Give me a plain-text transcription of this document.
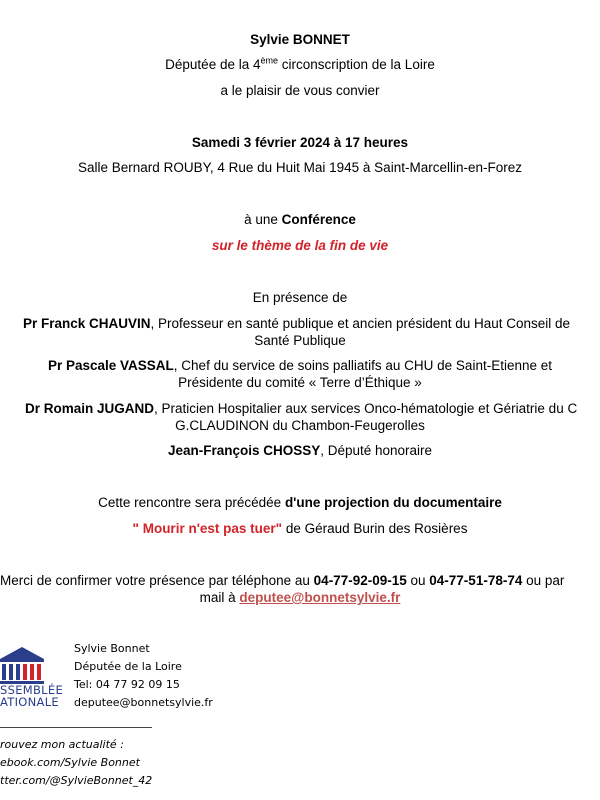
Sylvie BONNET
Députée de la 4ème circonscription de la Loire
a le plaisir de vous convier
Samedi 3 février 2024 à 17 heures
Salle Bernard ROUBY, 4 Rue du Huit Mai 1945 à Saint-Marcellin-en-Forez
à une Conférence
sur le thème de la fin de vie
En présence de
Pr Franck CHAUVIN, Professeur en santé publique et ancien président du Haut Conseil de
Santé Publique
Pr Pascale VASSAL, Chef du service de soins palliatifs au CHU de Saint-Etienne et
Présidente du comité « Terre d’Éthique »
Dr Romain JUGAND, Praticien Hospitalier aux services Onco-hématologie et Gériatrie du C
G.CLAUDINON du Chambon-Feugerolles
Jean-François CHOSSY, Député honoraire
Cette rencontre sera précédée d'une projection du documentaire
" Mourir n'est pas tuer" de Géraud Burin des Rosières
Merci de confirmer votre présence par téléphone au 04-77-92-09-15 ou 04-77-51-78-74 ou par
mail à deputee@bonnetsylvie.fr
SSEMBLÉE
ATIONALE
Sylvie Bonnet
Députée de la Loire
Tel: 04 77 92 09 15
deputee@bonnetsylvie.fr
rouvez mon actualité :
ebook.com/Sylvie Bonnet
tter.com/@SylvieBonnet_42
